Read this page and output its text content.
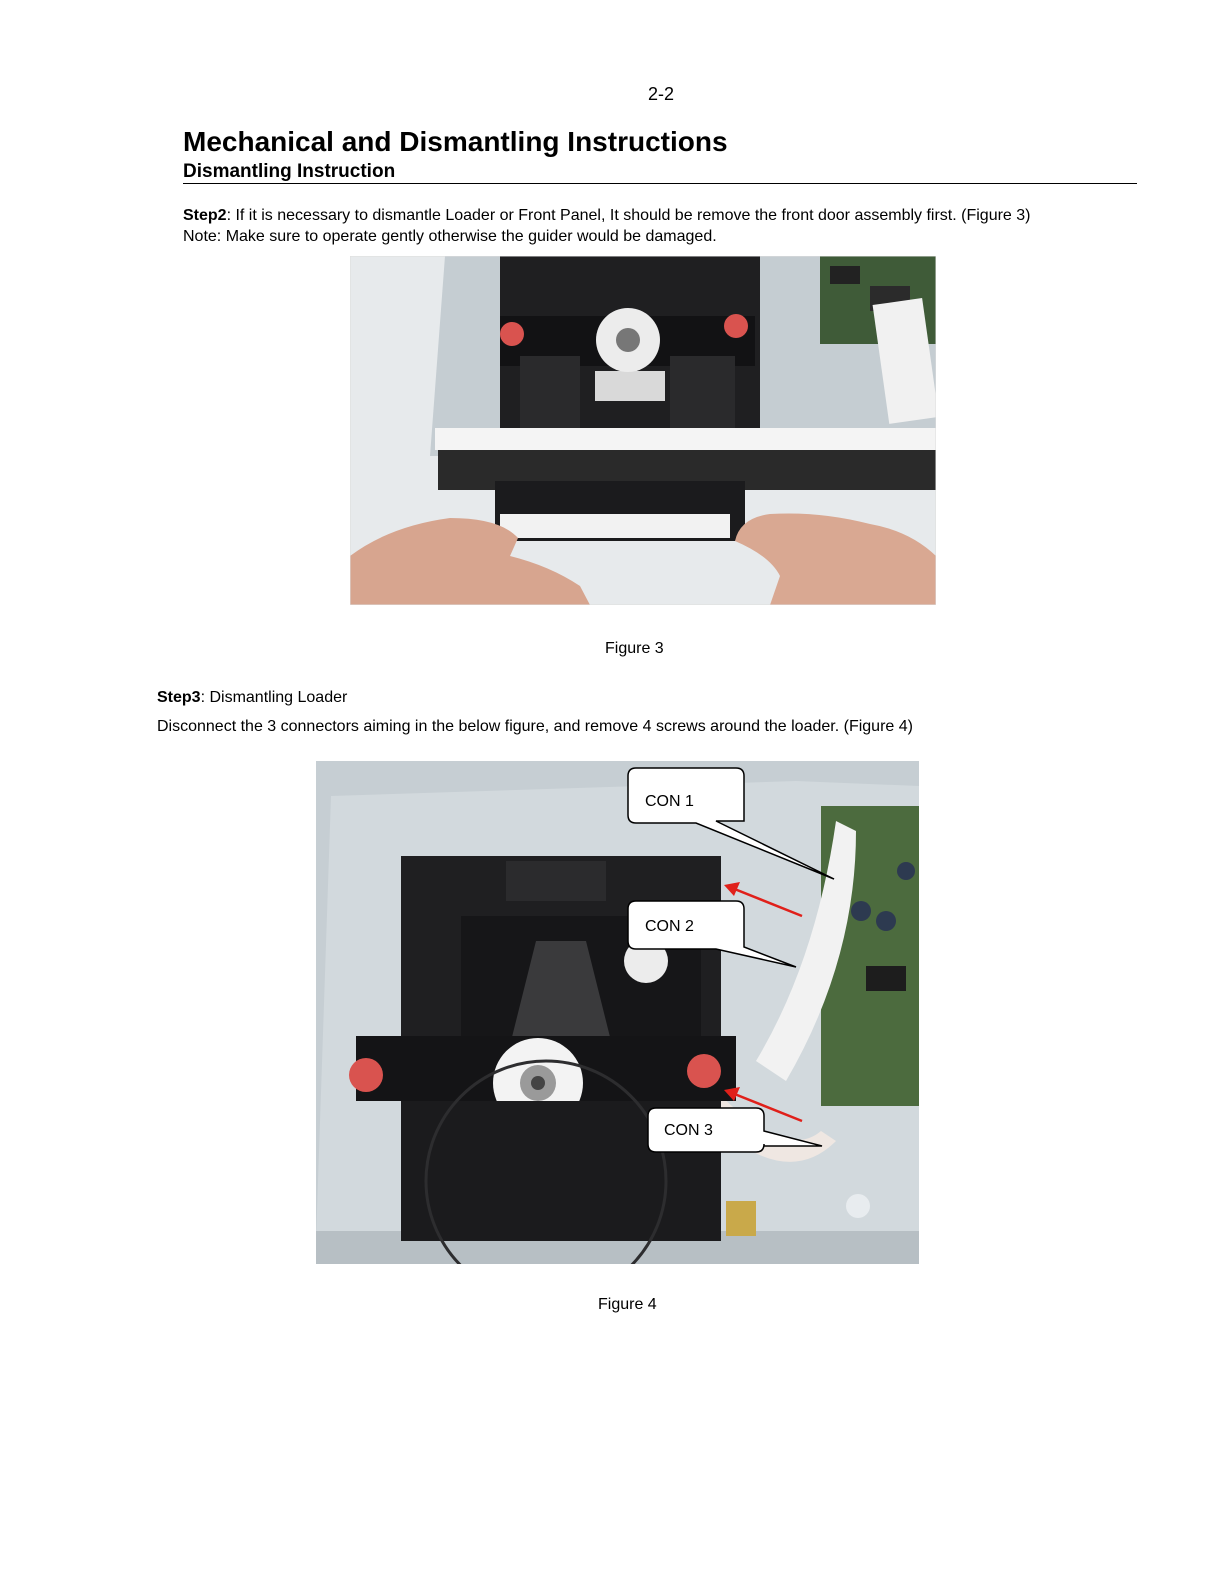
2-2
Mechanical and Dismantling Instructions
Dismantling Instruction
Step2: If it is necessary to dismantle Loader or Front Panel, It should be remove the front door assembly first. (Figure 3)
Note: Make sure to operate gently otherwise the guider would be damaged.
Figure 3
Step3: Dismantling Loader
Disconnect the 3 connectors aiming in the below figure, and remove 4 screws around the loader. (Figure 4)
CON 1
CON 2
CON 3
Figure 4
